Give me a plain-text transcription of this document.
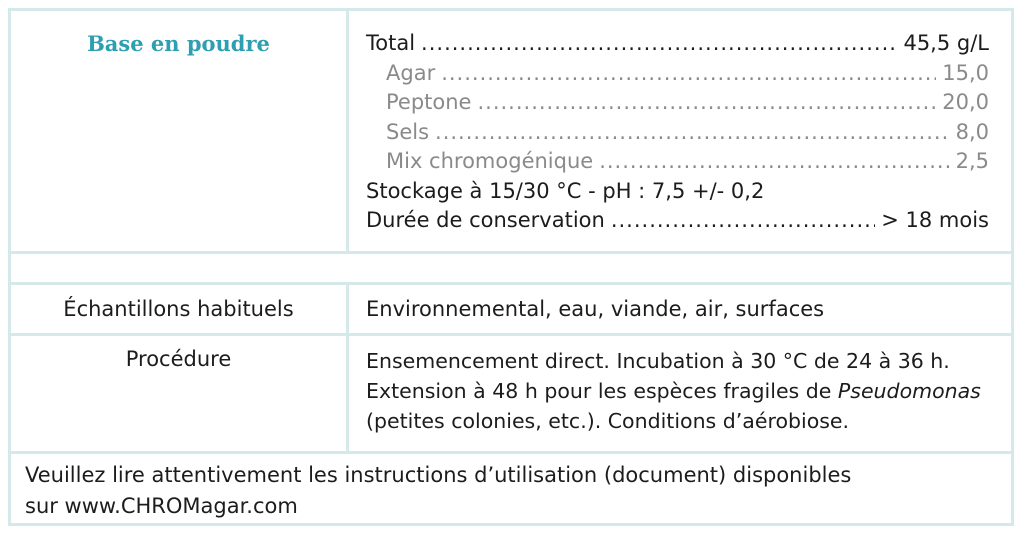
Base en poudre	Total .....	45,5 g/L
Agar .....	15,0
Peptone .....	20,0
Sels .....	8,0
Mix chromogénique .....	2,5
Stockage à 15/30 °C - pH : 7,5 +/- 0,2
Durée de conservation .....	> 18 mois
Échantillons habituels	Environnemental, eau, viande, air, surfaces
Procédure	Ensemencement direct. Incubation à 30 °C de 24 à 36 h. Extension à 48 h pour les espèces fragiles de Pseudomonas (petites colonies, etc.). Conditions d’aérobiose.
Veuillez lire attentivement les instructions d’utilisation (document) disponibles sur www.CHROMagar.com
